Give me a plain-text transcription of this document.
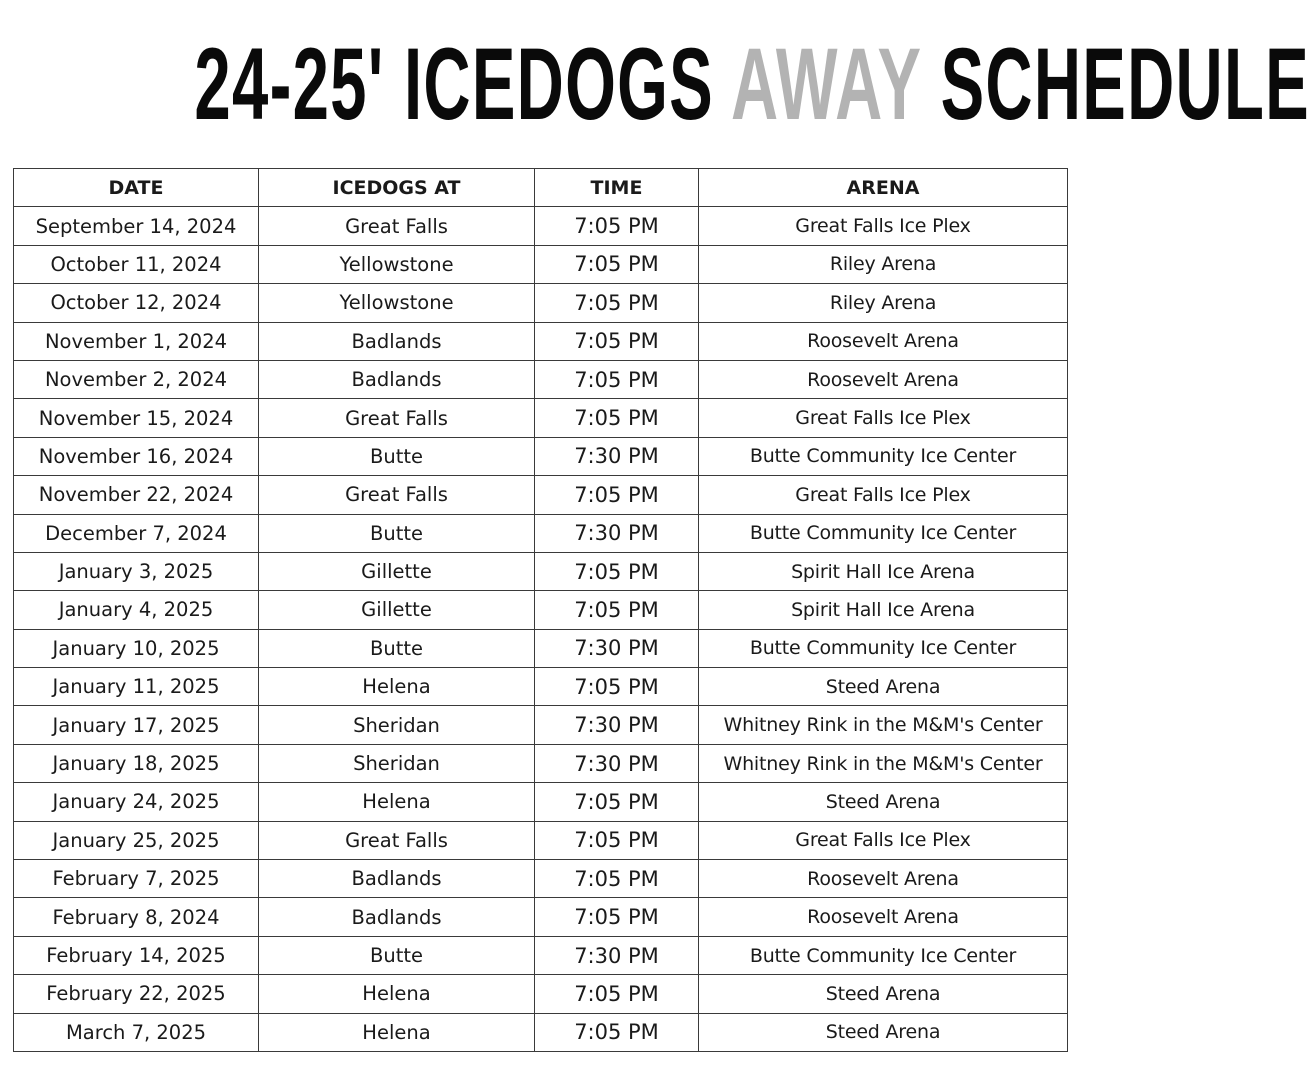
24-25' ICEDOGS AWAY SCHEDULE
DATE	ICEDOGS AT	TIME	ARENA
September 14, 2024	Great Falls	7:05 PM	Great Falls Ice Plex
October 11, 2024	Yellowstone	7:05 PM	Riley Arena
October 12, 2024	Yellowstone	7:05 PM	Riley Arena
November 1, 2024	Badlands	7:05 PM	Roosevelt Arena
November 2, 2024	Badlands	7:05 PM	Roosevelt Arena
November 15, 2024	Great Falls	7:05 PM	Great Falls Ice Plex
November 16, 2024	Butte	7:30 PM	Butte Community Ice Center
November 22, 2024	Great Falls	7:05 PM	Great Falls Ice Plex
December 7, 2024	Butte	7:30 PM	Butte Community Ice Center
January 3, 2025	Gillette	7:05 PM	Spirit Hall Ice Arena
January 4, 2025	Gillette	7:05 PM	Spirit Hall Ice Arena
January 10, 2025	Butte	7:30 PM	Butte Community Ice Center
January 11, 2025	Helena	7:05 PM	Steed Arena
January 17, 2025	Sheridan	7:30 PM	Whitney Rink in the M&M's Center
January 18, 2025	Sheridan	7:30 PM	Whitney Rink in the M&M's Center
January 24, 2025	Helena	7:05 PM	Steed Arena
January 25, 2025	Great Falls	7:05 PM	Great Falls Ice Plex
February 7, 2025	Badlands	7:05 PM	Roosevelt Arena
February 8, 2024	Badlands	7:05 PM	Roosevelt Arena
February 14, 2025	Butte	7:30 PM	Butte Community Ice Center
February 22, 2025	Helena	7:05 PM	Steed Arena
March 7, 2025	Helena	7:05 PM	Steed Arena
